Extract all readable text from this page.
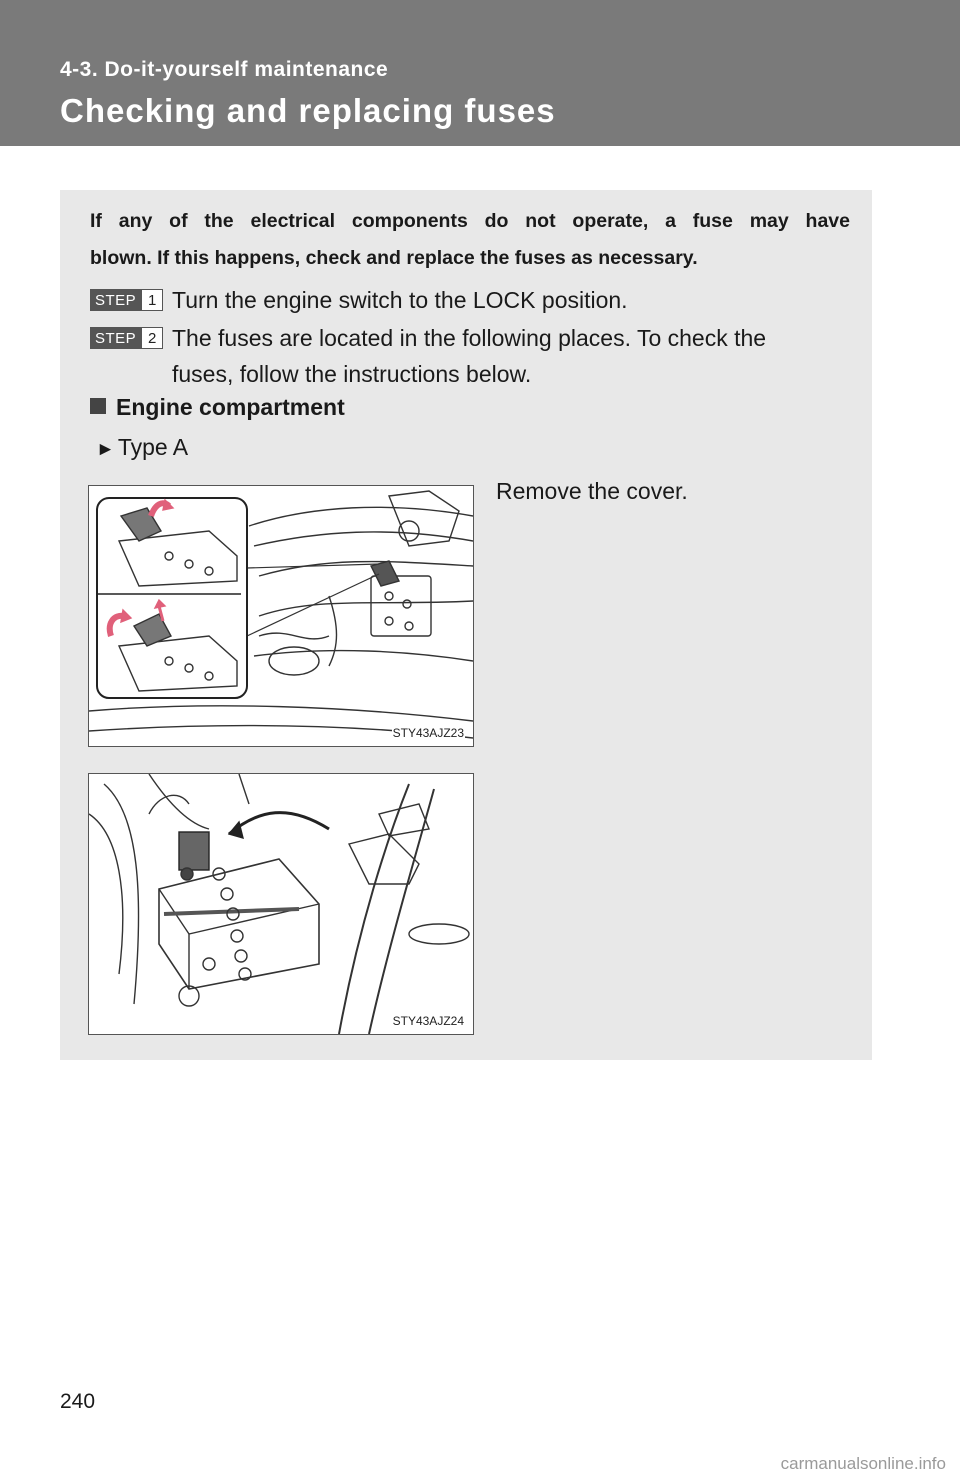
4-3. Do-it-yourself maintenance
Checking and replacing fuses
If any of the electrical components do not operate, a fuse may have
blown. If this happens, check and replace the fuses as necessary.
STEP 1 Turn the engine switch to the LOCK position.
STEP 2 The fuses are located in the following places. To check the
fuses, follow the instructions below.
Engine compartment
► Type A
Remove the cover.
STY43AJZ23
STY43AJZ24
240
carmanualsonline.info
